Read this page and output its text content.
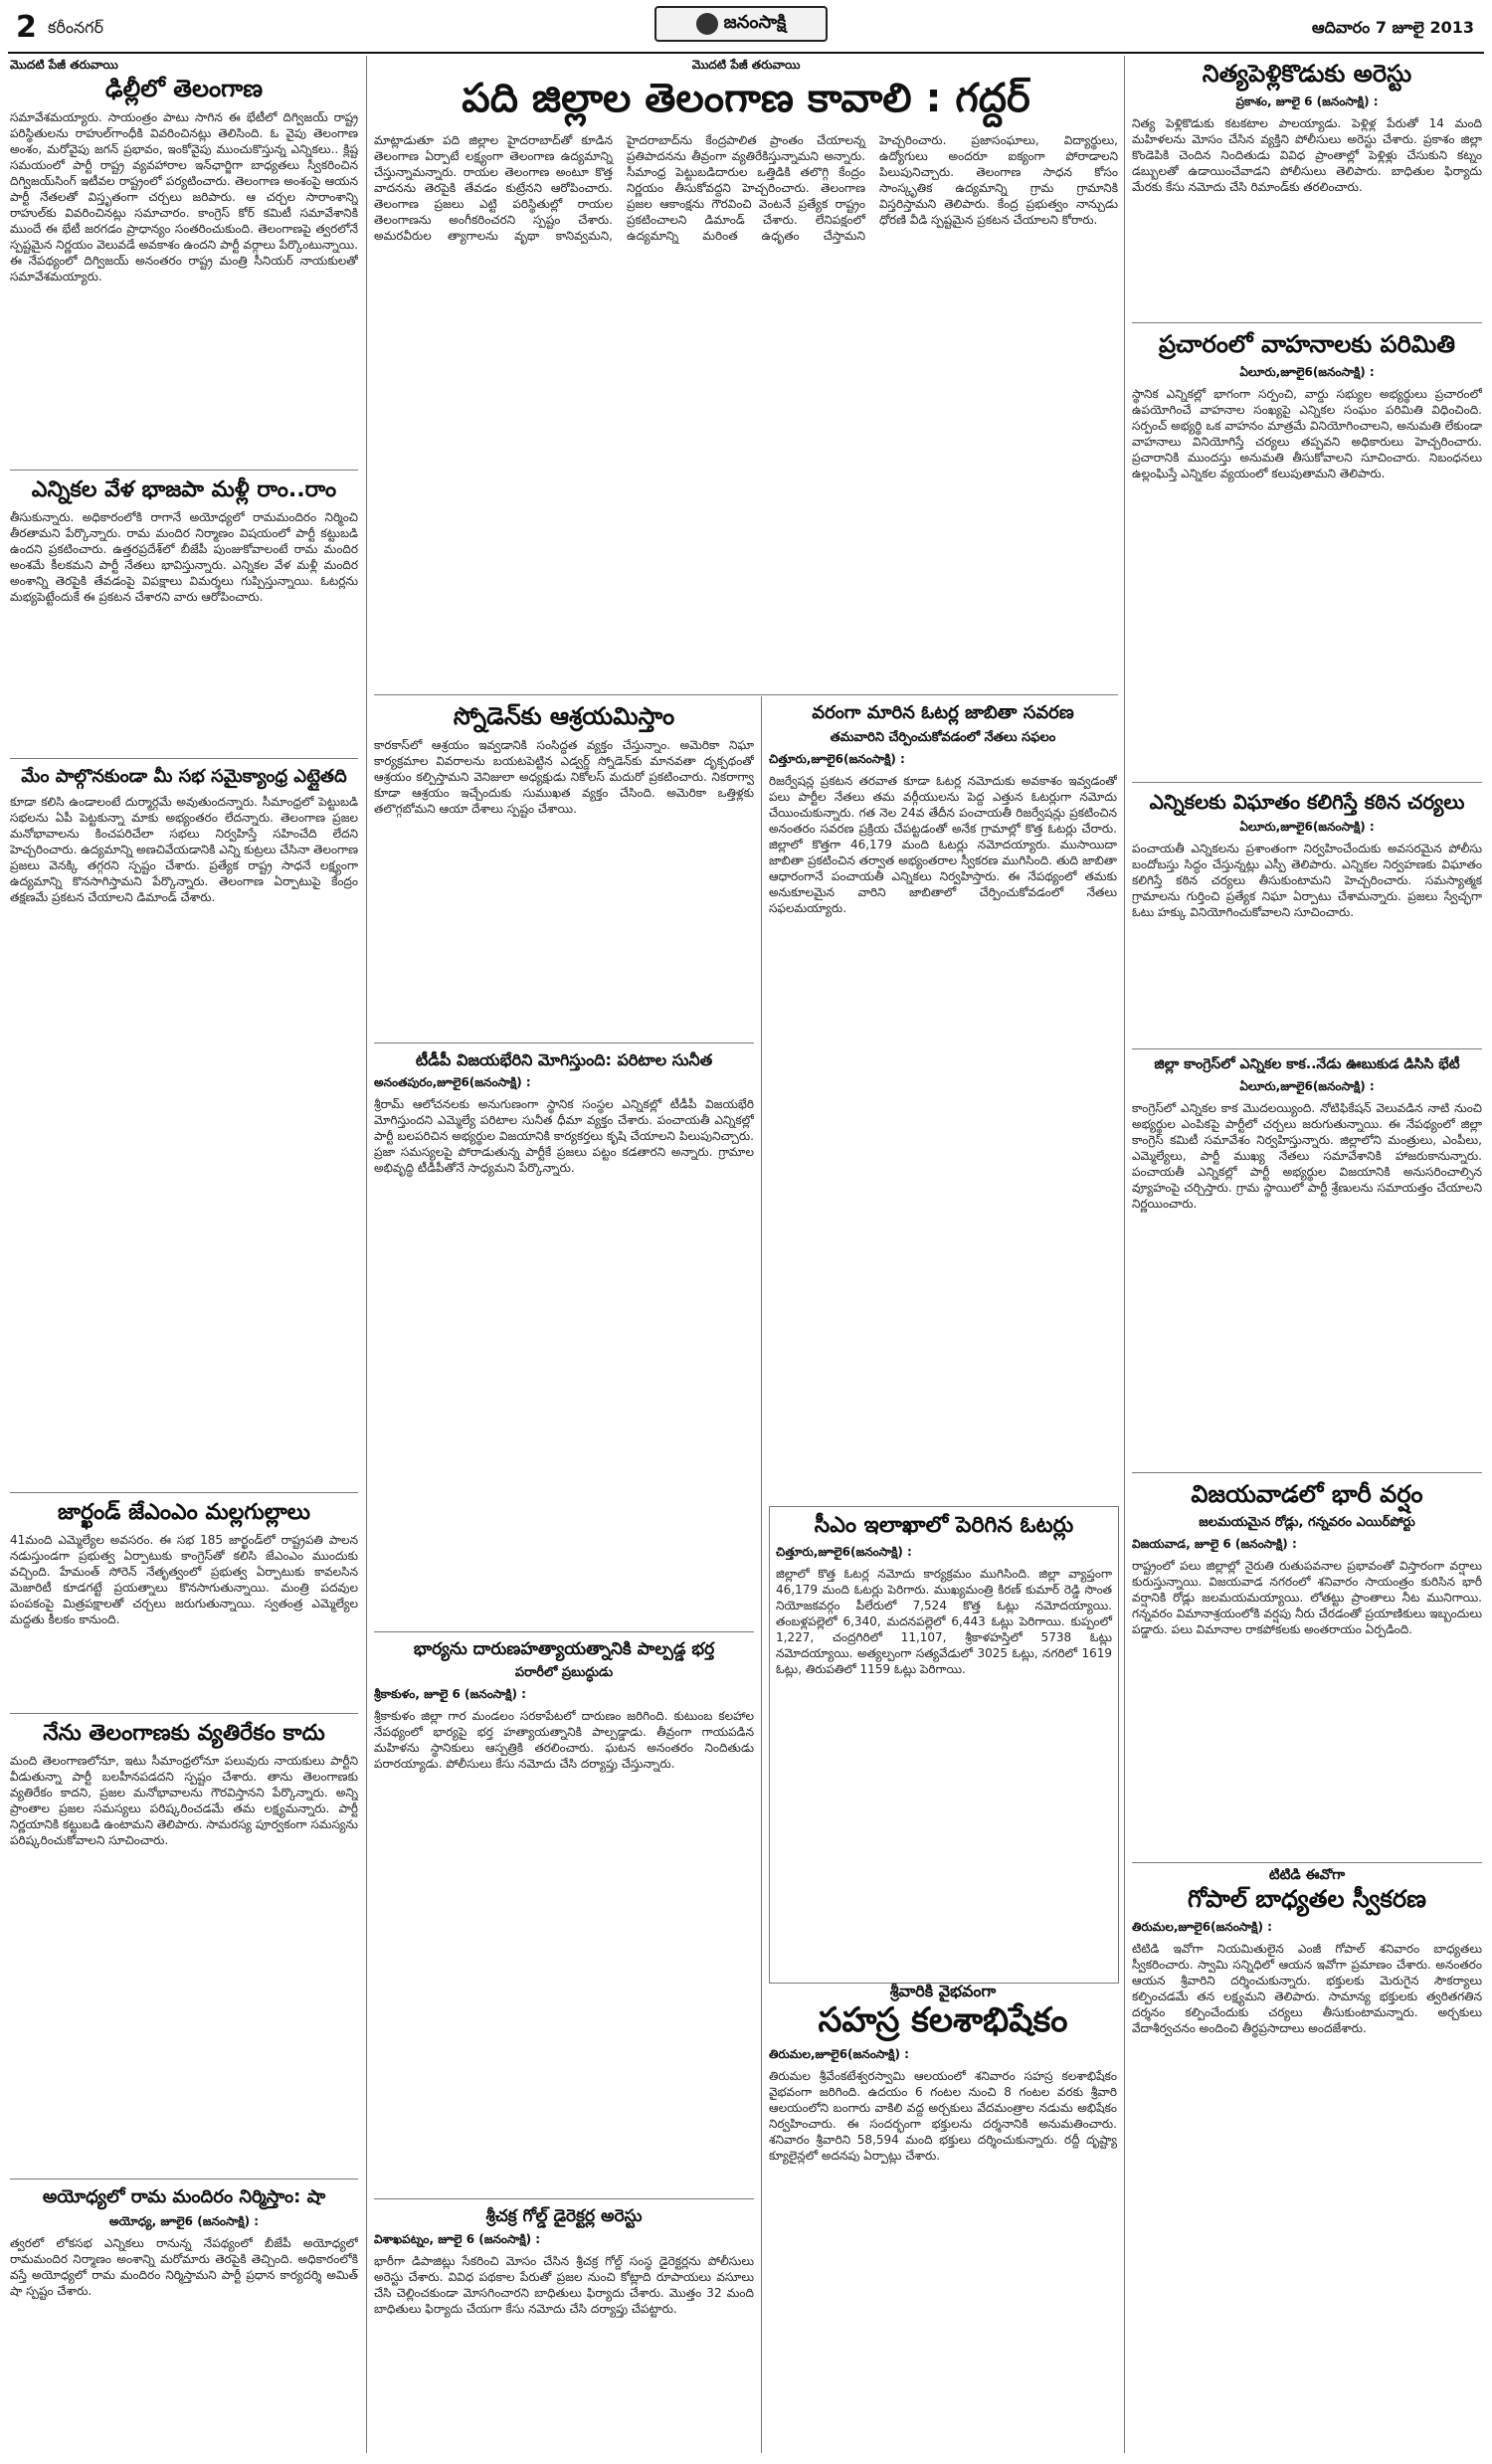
2 కరీంనగర్	జనంసాక్షి	ఆదివారం 7 జూలై 2013
మొదటి పేజీ తరువాయి
ఢిల్లీలో తెలంగాణ
సమావేశమయ్యారు. సాయంత్రం పాటు సాగిన ఈ భేటీలో దిగ్విజయ్ రాష్ట్ర పరిస్థితులను రాహుల్‌గాంధీకి వివరించినట్లు తెలిసింది. ఓ వైపు తెలంగాణ అంశం, మరోవైపు జగన్ ప్రభావం, ఇంకోవైపు ముంచుకొస్తున్న ఎన్నికలు.. క్లిష్ట సమయంలో పార్టీ రాష్ట్ర వ్యవహారాల ఇన్‌ఛార్జిగా బాధ్యతలు స్వీకరించిన దిగ్విజయ్‌సింగ్ ఇటీవల రాష్ట్రంలో పర్యటించారు. తెలంగాణ అంశంపై ఆయన పార్టీ నేతలతో విస్తృతంగా చర్చలు జరిపారు. ఆ చర్చల సారాంశాన్ని రాహుల్‌కు వివరించినట్లు సమాచారం. కాంగ్రెస్ కోర్ కమిటీ సమావేశానికి ముందే ఈ భేటీ జరగడం ప్రాధాన్యం సంతరించుకుంది. తెలంగాణపై త్వరలోనే స్పష్టమైన నిర్ణయం వెలువడే అవకాశం ఉందని పార్టీ వర్గాలు పేర్కొంటున్నాయి. ఈ నేపథ్యంలో దిగ్విజయ్ అనంతరం రాష్ట్ర మంత్రి సీనియర్ నాయకులతో సమావేశమయ్యారు.
ఎన్నికల వేళ భాజపా మళ్లీ రాం..రాం
తీసుకున్నారు. అధికారంలోకి రాగానే అయోధ్యలో రామమందిరం నిర్మించి తీరతామని పేర్కొన్నారు. రామ మందిర నిర్మాణం విషయంలో పార్టీ కట్టుబడి ఉందని ప్రకటించారు. ఉత్తరప్రదేశ్‌లో బీజేపీ పుంజుకోవాలంటే రామ మందిర అంశమే కీలకమని పార్టీ నేతలు భావిస్తున్నారు. ఎన్నికల వేళ మళ్లీ మందిర అంశాన్ని తెరపైకి తేవడంపై విపక్షాలు విమర్శలు గుప్పిస్తున్నాయి. ఓటర్లను మభ్యపెట్టేందుకే ఈ ప్రకటన చేశారని వారు ఆరోపించారు.
మేం పాల్గొనకుండా మీ సభ సమైక్యాంధ్ర ఎట్లైతది
కూడా కలిసి ఉండాలంటే దుర్మార్గమే అవుతుందన్నారు. సీమాంధ్రలో పెట్టుబడి సభలను ఏపీ పెట్టకున్నా మాకు అభ్యంతరం లేదన్నారు. తెలంగాణ ప్రజల మనోభావాలను కించపరిచేలా సభలు నిర్వహిస్తే సహించేది లేదని హెచ్చరించారు. ఉద్యమాన్ని అణచివేయడానికి ఎన్ని కుట్రలు చేసినా తెలంగాణ ప్రజలు వెనక్కి తగ్గరని స్పష్టం చేశారు. ప్రత్యేక రాష్ట్ర సాధనే లక్ష్యంగా ఉద్యమాన్ని కొనసాగిస్తామని పేర్కొన్నారు. తెలంగాణ ఏర్పాటుపై కేంద్రం తక్షణమే ప్రకటన చేయాలని డిమాండ్ చేశారు.
జార్ఖండ్ జేఎంఎం మల్లగుల్లాలు
41మంది ఎమ్మెల్యేల అవసరం. ఈ సభ 185 జార్ఖండ్‌లో రాష్ట్రపతి పాలన నడుస్తుండగా ప్రభుత్వ ఏర్పాటుకు కాంగ్రెస్‌తో కలిసి జేఎంఎం ముందుకు వచ్చింది. హేమంత్ సోరెన్ నేతృత్వంలో ప్రభుత్వ ఏర్పాటుకు కావలసిన మెజారిటీ కూడగట్టే ప్రయత్నాలు కొనసాగుతున్నాయి. మంత్రి పదవుల పంపకంపై మిత్రపక్షాలతో చర్చలు జరుగుతున్నాయి. స్వతంత్ర ఎమ్మెల్యేల మద్దతు కీలకం కానుంది.
నేను తెలంగాణకు వ్యతిరేకం కాదు
మంది తెలంగాణలోనూ, ఇటు సీమాంధ్రలోనూ పలువురు నాయకులు పార్టీని వీడుతున్నా పార్టీ బలహీనపడదని స్పష్టం చేశారు. తాను తెలంగాణకు వ్యతిరేకం కాదని, ప్రజల మనోభావాలను గౌరవిస్తానని పేర్కొన్నారు. అన్ని ప్రాంతాల ప్రజల సమస్యలు పరిష్కరించడమే తమ లక్ష్యమన్నారు. పార్టీ నిర్ణయానికి కట్టుబడి ఉంటామని తెలిపారు. సామరస్య పూర్వకంగా సమస్యను పరిష్కరించుకోవాలని సూచించారు.
అయోధ్యలో రామ మందిరం నిర్మిస్తాం: షా
అయోధ్య, జూలై6 (జనంసాక్షి) :
త్వరలో లోకసభ ఎన్నికలు రానున్న నేపథ్యంలో బీజేపీ అయోధ్యలో రామమందిర నిర్మాణం అంశాన్ని మరోమారు తెరపైకి తెచ్చింది. అధికారంలోకి వస్తే అయోధ్యలో రామ మందిరం నిర్మిస్తామని పార్టీ ప్రధాన కార్యదర్శి అమిత్ షా స్పష్టం చేశారు.
మొదటి పేజీ తరువాయి
పది జిల్లాల తెలంగాణ కావాలి : గద్దర్
మాట్లాడుతూ పది జిల్లాల హైదరాబాద్‌తో కూడిన తెలంగాణ ఏర్పాటే లక్ష్యంగా తెలంగాణ ఉద్యమాన్ని చేస్తున్నామన్నారు. రాయల తెలంగాణ అంటూ కొత్త వాదనను తెరపైకి తేవడం కుట్రేనని ఆరోపించారు. తెలంగాణ ప్రజలు ఎట్టి పరిస్థితుల్లో రాయల తెలంగాణను అంగీకరించరని స్పష్టం చేశారు. అమరవీరుల త్యాగాలను వృథా కానివ్వమని, హైదరాబాద్‌ను కేంద్రపాలిత ప్రాంతం చేయాలన్న ప్రతిపాదనను తీవ్రంగా వ్యతిరేకిస్తున్నామని అన్నారు. సీమాంధ్ర పెట్టుబడిదారుల ఒత్తిడికి తలొగ్గి కేంద్రం నిర్ణయం తీసుకోవద్దని హెచ్చరించారు. తెలంగాణ ప్రజల ఆకాంక్షను గౌరవించి వెంటనే ప్రత్యేక రాష్ట్రం ప్రకటించాలని డిమాండ్ చేశారు. లేనిపక్షంలో ఉద్యమాన్ని మరింత ఉధృతం చేస్తామని హెచ్చరించారు. ప్రజాసంఘాలు, విద్యార్థులు, ఉద్యోగులు అందరూ ఐక్యంగా పోరాడాలని పిలుపునిచ్చారు. తెలంగాణ సాధన కోసం సాంస్కృతిక ఉద్యమాన్ని గ్రామ గ్రామానికి విస్తరిస్తామని తెలిపారు. కేంద్ర ప్రభుత్వం నాన్చుడు ధోరణి వీడి స్పష్టమైన ప్రకటన చేయాలని కోరారు.
స్నోడెన్‌కు ఆశ్రయమిస్తాం
కారకాస్‌లో ఆశ్రయం ఇవ్వడానికి సంసిద్ధత వ్యక్తం చేస్తున్నాం. అమెరికా నిఘా కార్యక్రమాల వివరాలను బయటపెట్టిన ఎడ్వర్డ్ స్నోడెన్‌కు మానవతా దృక్పథంతో ఆశ్రయం కల్పిస్తామని వెనిజులా అధ్యక్షుడు నికోలస్ మదురో ప్రకటించారు. నికరాగ్వా కూడా ఆశ్రయం ఇచ్చేందుకు సుముఖత వ్యక్తం చేసింది. అమెరికా ఒత్తిళ్లకు తలొగ్గబోమని ఆయా దేశాలు స్పష్టం చేశాయి.
టీడీపీ విజయభేరిని మోగిస్తుంది: పరిటాల సునీత
అనంతపురం,జూలై6(జనంసాక్షి) :
శ్రీరామ్ ఆలోచనలకు అనుగుణంగా స్థానిక సంస్థల ఎన్నికల్లో టీడీపీ విజయభేరి మోగిస్తుందని ఎమ్మెల్యే పరిటాల సునీత ధీమా వ్యక్తం చేశారు. పంచాయతీ ఎన్నికల్లో పార్టీ బలపరిచిన అభ్యర్థుల విజయానికి కార్యకర్తలు కృషి చేయాలని పిలుపునిచ్చారు. ప్రజా సమస్యలపై పోరాడుతున్న పార్టీకే ప్రజలు పట్టం కడతారని అన్నారు. గ్రామాల అభివృద్ధి టీడీపీతోనే సాధ్యమని పేర్కొన్నారు.
భార్యను దారుణహత్యాయత్నానికి పాల్పడ్డ భర్త
పరారీలో ప్రబుద్ధుడు
శ్రీకాకుళం, జూలై 6 (జనంసాక్షి) :
శ్రీకాకుళం జిల్లా గార మండలం సరకాపేటలో దారుణం జరిగింది. కుటుంబ కలహాల నేపథ్యంలో భార్యపై భర్త హత్యాయత్నానికి పాల్పడ్డాడు. తీవ్రంగా గాయపడిన మహిళను స్థానికులు ఆస్పత్రికి తరలించారు. ఘటన అనంతరం నిందితుడు పరారయ్యాడు. పోలీసులు కేసు నమోదు చేసి దర్యాప్తు చేస్తున్నారు.
శ్రీచక్ర గోల్డ్ డైరెక్టర్ల అరెస్టు
విశాఖపట్నం, జూలై 6 (జనంసాక్షి) :
భారీగా డిపాజిట్లు సేకరించి మోసం చేసిన శ్రీచక్ర గోల్డ్ సంస్థ డైరెక్టర్లను పోలీసులు అరెస్టు చేశారు. వివిధ పథకాల పేరుతో ప్రజల నుంచి కోట్లాది రూపాయలు వసూలు చేసి చెల్లించకుండా మోసగించారని బాధితులు ఫిర్యాదు చేశారు. మొత్తం 32 మంది బాధితులు ఫిర్యాదు చేయగా కేసు నమోదు చేసి దర్యాప్తు చేపట్టారు.
వరంగా మారిన ఓటర్ల జాబితా సవరణ
తమవారిని చేర్పించుకోవడంలో నేతలు సఫలం
చిత్తూరు,జూలై6(జనంసాక్షి) :
రిజర్వేషన్ల ప్రకటన తరవాత కూడా ఓటర్ల నమోదుకు అవకాశం ఇవ్వడంతో పలు పార్టీల నేతలు తమ వర్గీయులను పెద్ద ఎత్తున ఓటర్లుగా నమోదు చేయించుకున్నారు. గత నెల 24వ తేదీన పంచాయతీ రిజర్వేషన్లు ప్రకటించిన అనంతరం సవరణ ప్రక్రియ చేపట్టడంతో అనేక గ్రామాల్లో కొత్త ఓటర్లు చేరారు. జిల్లాలో కొత్తగా 46,179 మంది ఓటర్లు నమోదయ్యారు. ముసాయిదా జాబితా ప్రకటించిన తర్వాత అభ్యంతరాల స్వీకరణ ముగిసింది. తుది జాబితా ఆధారంగానే పంచాయతీ ఎన్నికలు నిర్వహిస్తారు. ఈ నేపథ్యంలో తమకు అనుకూలమైన వారిని జాబితాలో చేర్పించుకోవడంలో నేతలు సఫలమయ్యారు.
సీఎం ఇలాఖాలో పెరిగిన ఓటర్లు
చిత్తూరు,జూలై6(జనంసాక్షి) :
జిల్లాలో కొత్త ఓటర్ల నమోదు కార్యక్రమం ముగిసింది. జిల్లా వ్యాప్తంగా 46,179 మంది ఓటర్లు పెరిగారు. ముఖ్యమంత్రి కిరణ్ కుమార్ రెడ్డి సొంత నియోజకవర్గం పీలేరులో 7,524 కొత్త ఓట్లు నమోదయ్యాయి. తంబళ్లపల్లెలో 6,340, మదనపల్లెలో 6,443 ఓట్లు పెరిగాయి. కుప్పంలో 1,227, చంద్రగిరిలో 11,107, శ్రీకాళహస్తిలో 5738 ఓట్లు నమోదయ్యాయి. అత్యల్పంగా సత్యవేడులో 3025 ఓట్లు, నగరిలో 1619 ఓట్లు, తిరుపతిలో 1159 ఓట్లు పెరిగాయి.
శ్రీవారికి వైభవంగా
సహస్ర కలశాభిషేకం
తిరుమల,జూలై6(జనంసాక్షి) :
తిరుమల శ్రీవేంకటేశ్వరస్వామి ఆలయంలో శనివారం సహస్ర కలశాభిషేకం వైభవంగా జరిగింది. ఉదయం 6 గంటల నుంచి 8 గంటల వరకు శ్రీవారి ఆలయంలోని బంగారు వాకిలి వద్ద అర్చకులు వేదమంత్రాల నడుమ అభిషేకం నిర్వహించారు. ఈ సందర్భంగా భక్తులను దర్శనానికి అనుమతించారు. శనివారం శ్రీవారిని 58,594 మంది భక్తులు దర్శించుకున్నారు. రద్దీ దృష్ట్యా క్యూలైన్లలో అదనపు ఏర్పాట్లు చేశారు.
నిత్యపెళ్లికొడుకు అరెస్టు
ప్రకాశం, జూలై 6 (జనంసాక్షి) :
నిత్య పెళ్లికొడుకు కటకటాల పాలయ్యాడు. పెళ్లిళ్ల పేరుతో 14 మంది మహిళలను మోసం చేసిన వ్యక్తిని పోలీసులు అరెస్టు చేశారు. ప్రకాశం జిల్లా కొండెపికి చెందిన నిందితుడు వివిధ ప్రాంతాల్లో పెళ్లిళ్లు చేసుకుని కట్నం డబ్బులతో ఉడాయించేవాడని పోలీసులు తెలిపారు. బాధితుల ఫిర్యాదు మేరకు కేసు నమోదు చేసి రిమాండ్‌కు తరలించారు.
ప్రచారంలో వాహనాలకు పరిమితి
ఏలూరు,జూలై6(జనంసాక్షి) :
స్థానిక ఎన్నికల్లో భాగంగా సర్పంచి, వార్డు సభ్యుల అభ్యర్థులు ప్రచారంలో ఉపయోగించే వాహనాల సంఖ్యపై ఎన్నికల సంఘం పరిమితి విధించింది. సర్పంచ్ అభ్యర్థి ఒక వాహనం మాత్రమే వినియోగించాలని, అనుమతి లేకుండా వాహనాలు వినియోగిస్తే చర్యలు తప్పవని అధికారులు హెచ్చరించారు. ప్రచారానికి ముందస్తు అనుమతి తీసుకోవాలని సూచించారు. నిబంధనలు ఉల్లంఘిస్తే ఎన్నికల వ్యయంలో కలుపుతామని తెలిపారు.
ఎన్నికలకు విఘాతం కలిగిస్తే కఠిన చర్యలు
ఏలూరు,జూలై6(జనంసాక్షి) :
పంచాయతీ ఎన్నికలను ప్రశాంతంగా నిర్వహించేందుకు అవసరమైన పోలీసు బందోబస్తు సిద్ధం చేస్తున్నట్లు ఎస్పీ తెలిపారు. ఎన్నికల నిర్వహణకు విఘాతం కలిగిస్తే కఠిన చర్యలు తీసుకుంటామని హెచ్చరించారు. సమస్యాత్మక గ్రామాలను గుర్తించి ప్రత్యేక నిఘా ఏర్పాటు చేశామన్నారు. ప్రజలు స్వేచ్ఛగా ఓటు హక్కు వినియోగించుకోవాలని సూచించారు.
జిల్లా కాంగ్రెస్‌లో ఎన్నికల కాక..నేడు ఊబుకుడ డిసిసి భేటీ
ఏలూరు,జూలై6(జనంసాక్షి) :
కాంగ్రెస్‌లో ఎన్నికల కాక మొదలయ్యింది. నోటిఫికేషన్ వెలువడిన నాటి నుంచి అభ్యర్థుల ఎంపికపై పార్టీలో చర్చలు జరుగుతున్నాయి. ఈ నేపథ్యంలో జిల్లా కాంగ్రెస్ కమిటీ సమావేశం నిర్వహిస్తున్నారు. జిల్లాలోని మంత్రులు, ఎంపీలు, ఎమ్మెల్యేలు, పార్టీ ముఖ్య నేతలు సమావేశానికి హాజరుకానున్నారు. పంచాయతీ ఎన్నికల్లో పార్టీ అభ్యర్థుల విజయానికి అనుసరించాల్సిన వ్యూహంపై చర్చిస్తారు. గ్రామ స్థాయిలో పార్టీ శ్రేణులను సమాయత్తం చేయాలని నిర్ణయించారు.
విజయవాడలో భారీ వర్షం
జలమయమైన రోడ్లు, గన్నవరం ఎయిర్‌పోర్టు
విజయవాడ, జూలై 6 (జనంసాక్షి) :
రాష్ట్రంలో పలు జిల్లాల్లో నైరుతి రుతుపవనాల ప్రభావంతో విస్తారంగా వర్షాలు కురుస్తున్నాయి. విజయవాడ నగరంలో శనివారం సాయంత్రం కురిసిన భారీ వర్షానికి రోడ్లు జలమయమయ్యాయి. లోతట్టు ప్రాంతాలు నీట మునిగాయి. గన్నవరం విమానాశ్రయంలోకి వర్షపు నీరు చేరడంతో ప్రయాణికులు ఇబ్బందులు పడ్డారు. పలు విమానాల రాకపోకలకు అంతరాయం ఏర్పడింది.
టిటిడి ఈవోగా
గోపాల్ బాధ్యతల స్వీకరణ
తిరుమల,జూలై6(జనంసాక్షి) :
టిటిడి ఇవోగా నియమితులైన ఎంజీ గోపాల్ శనివారం బాధ్యతలు స్వీకరించారు. స్వామి సన్నిధిలో ఆయన ఇవోగా ప్రమాణం చేశారు. అనంతరం ఆయన శ్రీవారిని దర్శించుకున్నారు. భక్తులకు మెరుగైన సౌకర్యాలు కల్పించడమే తన లక్ష్యమని తెలిపారు. సామాన్య భక్తులకు త్వరితగతిన దర్శనం కల్పించేందుకు చర్యలు తీసుకుంటామన్నారు. అర్చకులు వేదాశీర్వచనం అందించి తీర్థప్రసాదాలు అందజేశారు.
